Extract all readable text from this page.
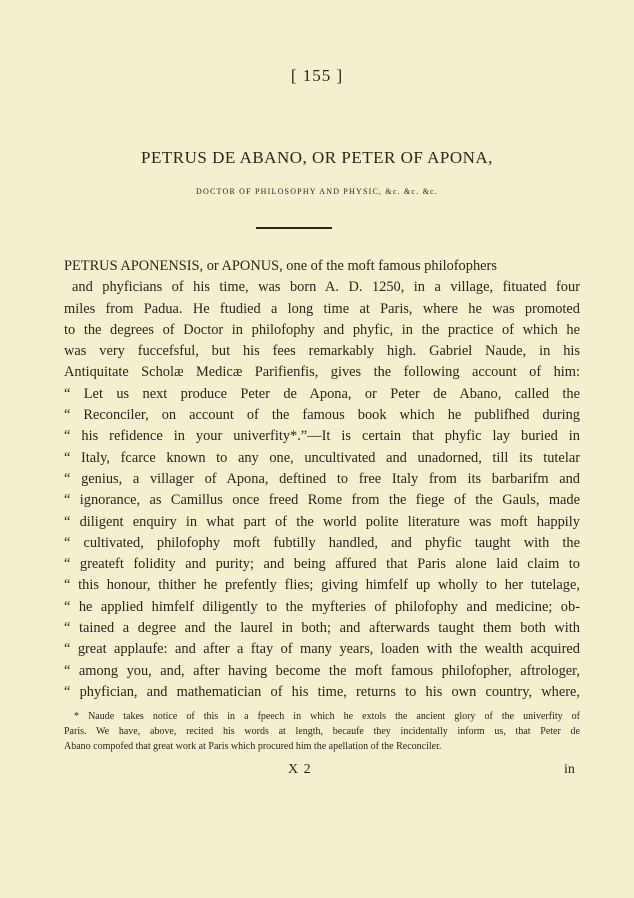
[ 155 ]
PETRUS DE ABANO, OR PETER OF APONA,
DOCTOR OF PHILOSOPHY AND PHYSIC, &c. &c. &c.
PETRUS APONENSIS, or APONUS, one of the moft famous philofophers
and phyficians of his time, was born A. D. 1250, in a village, fituated four
miles from Padua. He ftudied a long time at Paris, where he was promoted
to the degrees of Doctor in philofophy and phyfic, in the practice of which he
was very fuccefsful, but his fees remarkably high. Gabriel Naude, in his
Antiquitate Scholæ Medicæ Parifienfis, gives the following account of him:
“ Let us next produce Peter de Apona, or Peter de Abano, called the
“ Reconciler, on account of the famous book which he publifhed during
“ his refidence in your univerfity*.”—It is certain that phyfic lay buried in
“ Italy, fcarce known to any one, uncultivated and unadorned, till its tutelar
“ genius, a villager of Apona, deftined to free Italy from its barbarifm and
“ ignorance, as Camillus once freed Rome from the fiege of the Gauls, made
“ diligent enquiry in what part of the world polite literature was moft happily
“ cultivated, philofophy moft fubtilly handled, and phyfic taught with the
“ greateft folidity and purity; and being affured that Paris alone laid claim to
“ this honour, thither he prefently flies; giving himfelf up wholly to her tutelage,
“ he applied himfelf diligently to the myfteries of philofophy and medicine; ob-
“ tained a degree and the laurel in both; and afterwards taught them both with
“ great applaufe: and after a ftay of many years, loaden with the wealth acquired
“ among you, and, after having become the moft famous philofopher, aftrologer,
“ phyfician, and mathematician of his time, returns to his own country, where,
* Naude takes notice of this in a fpeech in which he extols the ancient glory of the univerfity of
Paris. We have, above, recited his words at length, becaufe they incidentally inform us, that Peter de
Abano compofed that great work at Paris which procured him the apellation of the Reconciler.
X 2	in
